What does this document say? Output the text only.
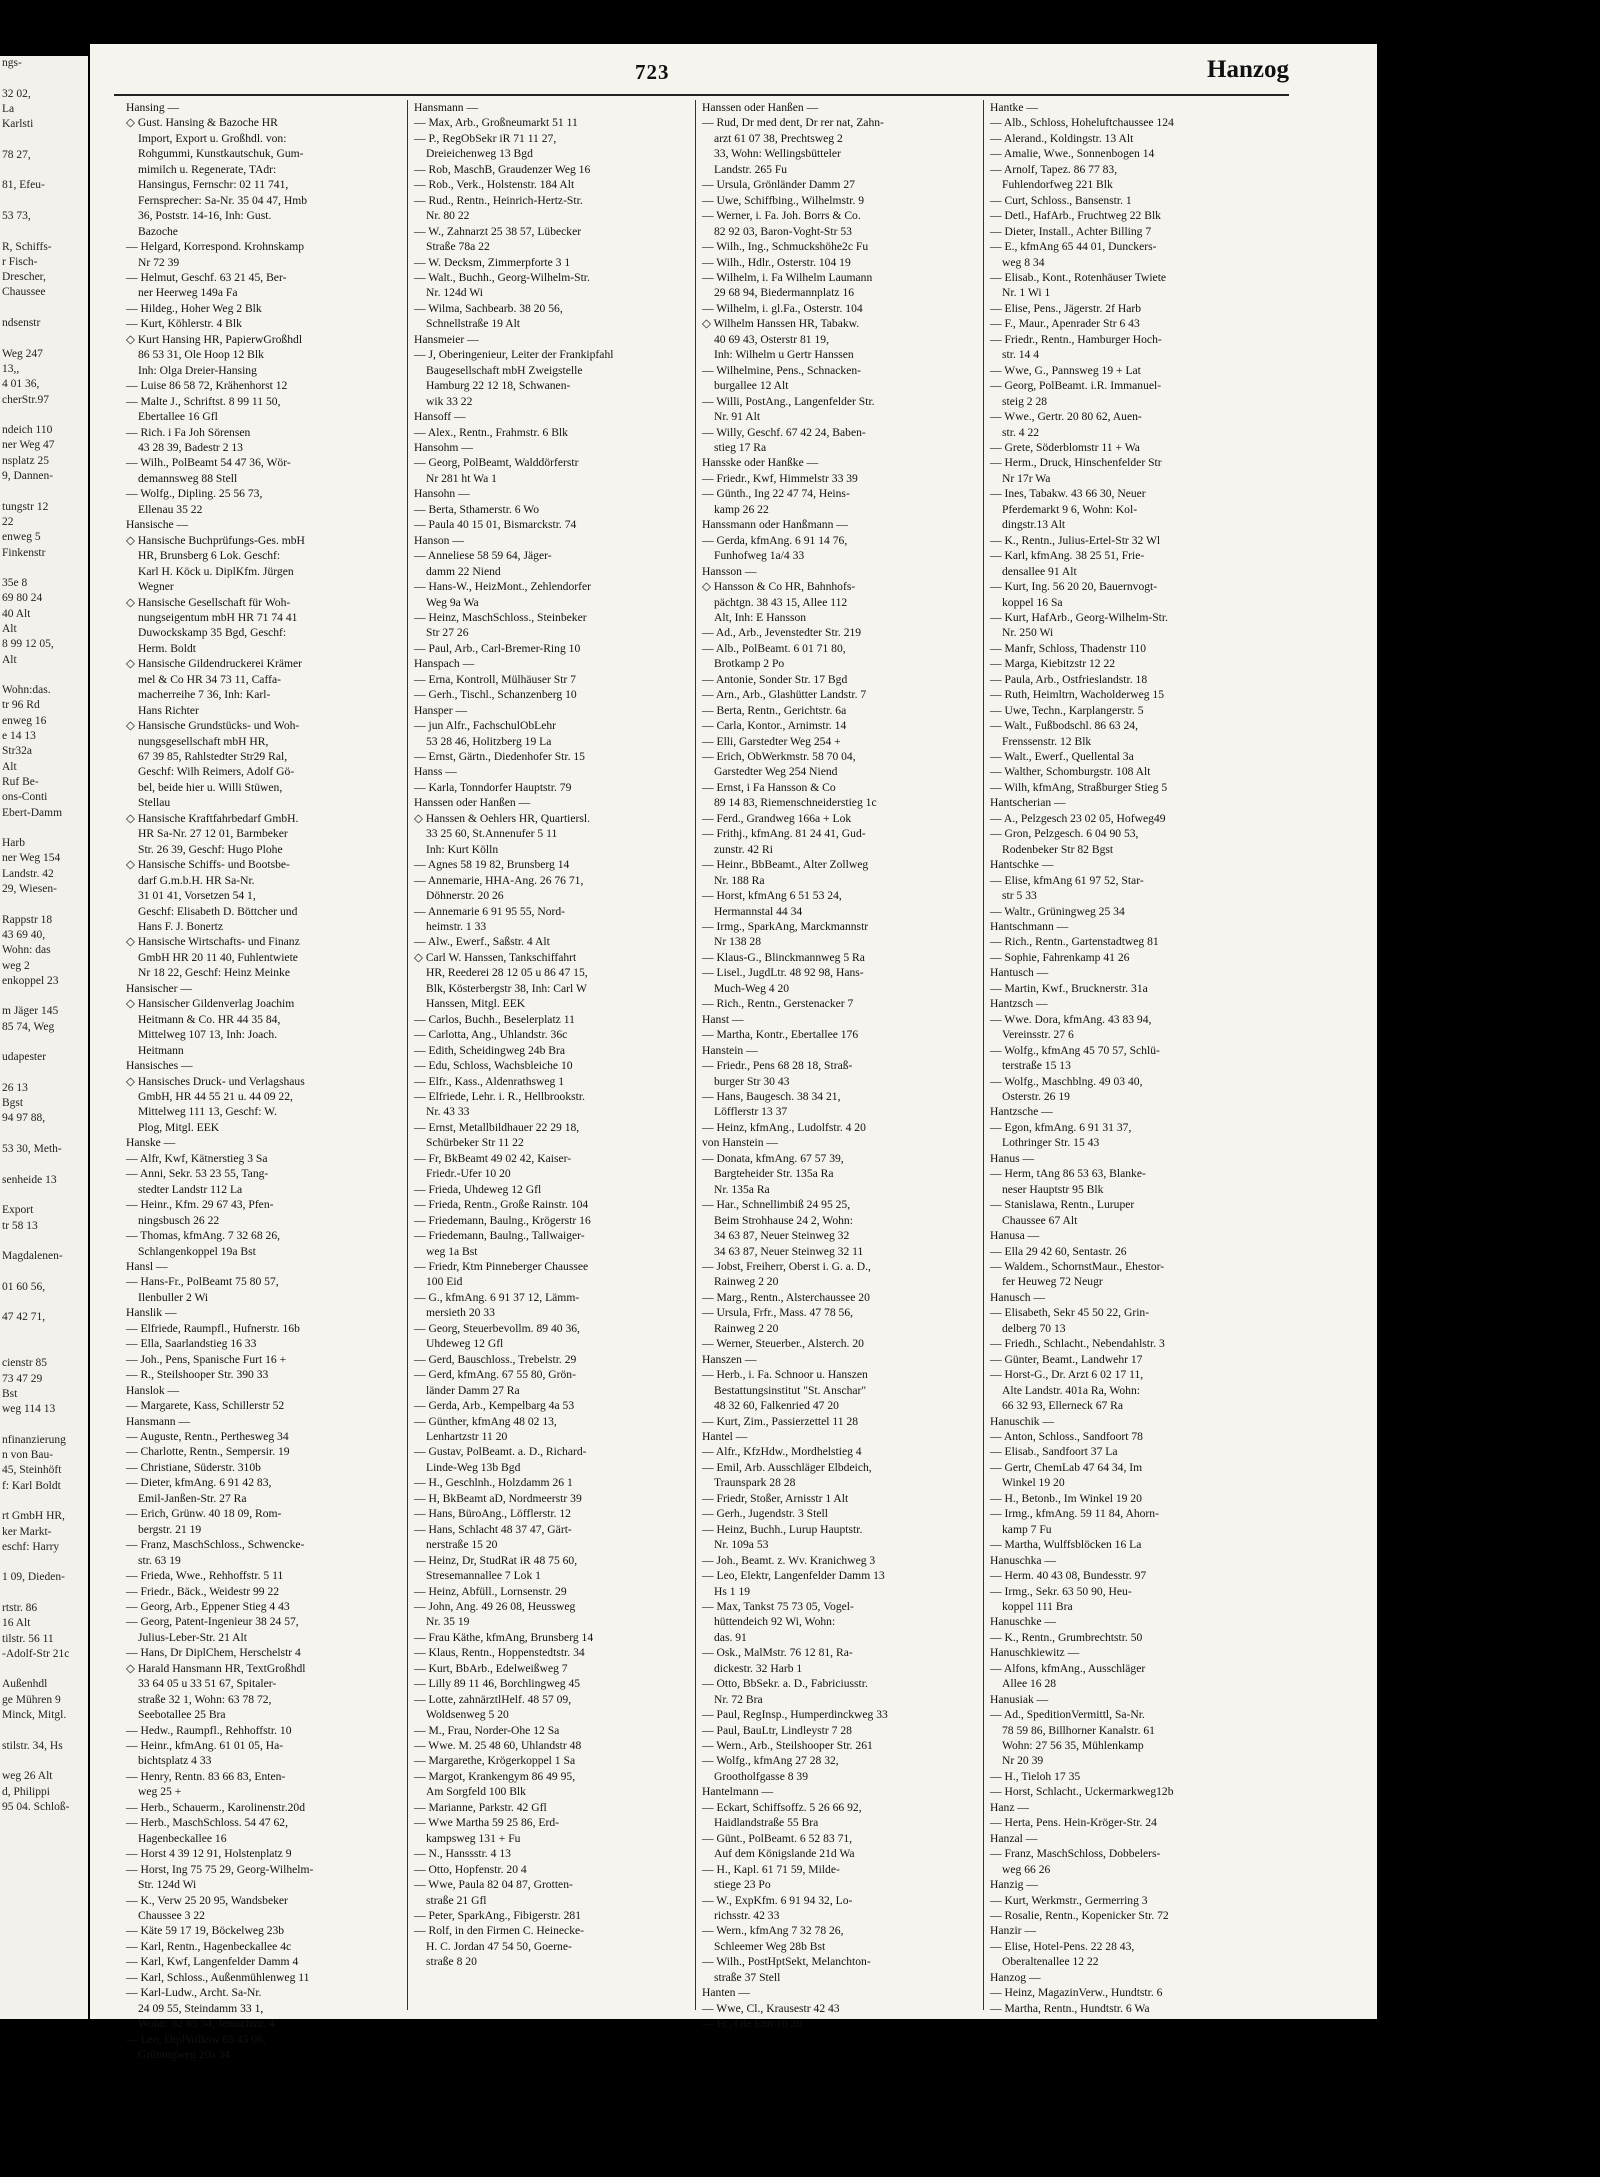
ngs-

32 02,
La
Karlsti

78 27,

81, Efeu-

53 73,

R, Schiffs-
r Fisch-
Drescher,
Chaussee

ndsenstr

Weg 247
13,,
4 01 36,
cherStr.97

ndeich 110
ner Weg 47
nsplatz 25
9, Dannen-

tungstr 12
22
enweg 5
Finkenstr

35e 8
69 80 24
40 Alt
Alt
8 99 12 05,
Alt

Wohn:das.
tr 96 Rd
enweg 16
e 14 13
Str32a
Alt
Ruf Be-
ons-Conti
Ebert-Damm

Harb
ner Weg 154
Landstr. 42
29, Wiesen-

Rappstr 18
43 69 40,
Wohn: das
weg 2
enkoppel 23

m Jäger 145
85 74, Weg

udapester

26 13
Bgst
94 97 88,

53 30, Meth-

senheide 13

Export
tr 58 13

Magdalenen-

01 60 56,

47 42 71,

cienstr 85
73 47 29
Bst
weg 114 13

nfinanzierung
n von Bau-
45, Steinhöft
f: Karl Boldt

rt GmbH HR,
ker Markt-
eschf: Harry

1 09, Dieden-

rtstr. 86
16 Alt
tilstr. 56 11
-Adolf-Str 21c

Außenhdl
ge Mühren 9
Minck, Mitgl.

stilstr. 34, Hs

weg 26 Alt
d, Philippi
95 04. Schloß-
723	Hanzog
Hansing —
◇ Gust. Hansing & Bazoche HR
Import, Export u. Großhdl. von:
Rohgummi, Kunstkautschuk, Gum-
mimilch u. Regenerate, TAdr:
Hansingus, Fernschr: 02 11 741,
Fernsprecher: Sa-Nr. 35 04 47, Hmb
36, Poststr. 14-16, Inh: Gust.
Bazoche
— Helgard, Korrespond. Krohnskamp
Nr 72 39
— Helmut, Geschf. 63 21 45, Ber-
ner Heerweg 149a Fa
— Hildeg., Hoher Weg 2 Blk
— Kurt, Köhlerstr. 4 Blk
◇ Kurt Hansing HR, PapierwGroßhdl
86 53 31, Ole Hoop 12 Blk
Inh: Olga Dreier-Hansing
— Luise 86 58 72, Krähenhorst 12
— Malte J., Schriftst. 8 99 11 50,
Ebertallee 16 Gfl
— Rich. i Fa Joh Sörensen
43 28 39, Badestr 2 13
— Wilh., PolBeamt 54 47 36, Wör-
demannsweg 88 Stell
— Wolfg., Dipling. 25 56 73,
Ellenau 35 22
Hansische —
◇ Hansische Buchprüfungs-Ges. mbH
HR, Brunsberg 6 Lok. Geschf:
Karl H. Köck u. DiplKfm. Jürgen
Wegner
◇ Hansische Gesellschaft für Woh-
nungseigentum mbH HR 71 74 41
Duwockskamp 35 Bgd, Geschf:
Herm. Boldt
◇ Hansische Gildendruckerei Krämer
mel & Co HR 34 73 11, Caffa-
macherreihe 7 36, Inh: Karl-
Hans Richter
◇ Hansische Grundstücks- und Woh-
nungsgesellschaft mbH HR,
67 39 85, Rahlstedter Str29 Ral,
Geschf: Wilh Reimers, Adolf Gö-
bel, beide hier u. Willi Stüwen,
Stellau
◇ Hansische Kraftfahrbedarf GmbH.
HR Sa-Nr. 27 12 01, Barmbeker
Str. 26 39, Geschf: Hugo Plohe
◇ Hansische Schiffs- und Bootsbe-
darf G.m.b.H. HR Sa-Nr.
31 01 41, Vorsetzen 54 1,
Geschf: Elisabeth D. Böttcher und
Hans F. J. Bonertz
◇ Hansische Wirtschafts- und Finanz
GmbH HR 20 11 40, Fuhlentwiete
Nr 18 22, Geschf: Heinz Meinke
Hansischer —
◇ Hansischer Gildenverlag Joachim
Heitmann & Co. HR 44 35 84,
Mittelweg 107 13, Inh: Joach.
Heitmann
Hansisches —
◇ Hansisches Druck- und Verlagshaus
GmbH, HR 44 55 21 u. 44 09 22,
Mittelweg 111 13, Geschf: W.
Plog, Mitgl. EEK
Hanske —
— Alfr, Kwf, Kätnerstieg 3 Sa
— Anni, Sekr. 53 23 55, Tang-
stedter Landstr 112 La
— Heinr., Kfm. 29 67 43, Pfen-
ningsbusch 26 22
— Thomas, kfmAng. 7 32 68 26,
Schlangenkoppel 19a Bst
Hansl —
— Hans-Fr., PolBeamt 75 80 57,
Ilenbuller 2 Wi
Hanslik —
— Elfriede, Raumpfl., Hufnerstr. 16b
— Ella, Saarlandstieg 16 33
— Joh., Pens, Spanische Furt 16 +
— R., Steilshooper Str. 390 33
Hanslok —
— Margarete, Kass, Schillerstr 52
Hansmann —
— Auguste, Rentn., Perthesweg 34
— Charlotte, Rentn., Sempersir. 19
— Christiane, Süderstr. 310b
— Dieter, kfmAng. 6 91 42 83,
Emil-Janßen-Str. 27 Ra
— Erich, Grünw. 40 18 09, Rom-
bergstr. 21 19
— Franz, MaschSchloss., Schwencke-
str. 63 19
— Frieda, Wwe., Rehhoffstr. 5 11
— Friedr., Bäck., Weidestr 99 22
— Georg, Arb., Eppener Stieg 4 43
— Georg, Patent-Ingenieur 38 24 57,
Julius-Leber-Str. 21 Alt
— Hans, Dr DiplChem, Herschelstr 4
◇ Harald Hansmann HR, TextGroßhdl
33 64 05 u 33 51 67, Spitaler-
straße 32 1, Wohn: 63 78 72,
Seebotallee 25 Bra
— Hedw., Raumpfl., Rehhoffstr. 10
— Heinr., kfmAng. 61 01 05, Ha-
bichtsplatz 4 33
— Henry, Rentn. 83 66 83, Enten-
weg 25 +
— Herb., Schauerm., Karolinenstr.20d
— Herb., MaschSchloss. 54 47 62,
Hagenbeckallee 16
— Horst 4 39 12 91, Holstenplatz 9
— Horst, Ing 75 75 29, Georg-Wilhelm-
Str. 124d Wi
— K., Verw 25 20 95, Wandsbeker
Chaussee 3 22
— Käte 59 17 19, Böckelweg 23b
— Karl, Rentn., Hagenbeckallee 4c
— Karl, Kwf, Langenfelder Damm 4
— Karl, Schloss., Außenmühlenweg 11
— Karl-Ludw., Archt. Sa-Nr.
24 09 55, Steindamm 33 1,
Wohn: 82 85 54, Jenischstr. 4
— Leo, DiplVolksw 65 45 08,
Grüningweg 20a 34
Hansmann —
— Max, Arb., Großneumarkt 51 11
— P., RegObSekr iR 71 11 27,
Dreieichenweg 13 Bgd
— Rob, MaschB, Graudenzer Weg 16
— Rob., Verk., Holstenstr. 184 Alt
— Rud., Rentn., Heinrich-Hertz-Str.
Nr. 80 22
— W., Zahnarzt 25 38 57, Lübecker
Straße 78a 22
— W. Decksm, Zimmerpforte 3 1
— Walt., Buchh., Georg-Wilhelm-Str.
Nr. 124d Wi
— Wilma, Sachbearb. 38 20 56,
Schnellstraße 19 Alt
Hansmeier —
— J, Oberingenieur, Leiter der Frankipfahl
Baugesellschaft mbH Zweigstelle
Hamburg 22 12 18, Schwanen-
wik 33 22
Hansoff —
— Alex., Rentn., Frahmstr. 6 Blk
Hansohm —
— Georg, PolBeamt, Walddörferstr
Nr 281 ht Wa 1
Hansohn —
— Berta, Sthamerstr. 6 Wo
— Paula 40 15 01, Bismarckstr. 74
Hanson —
— Anneliese 58 59 64, Jäger-
damm 22 Niend
— Hans-W., HeizMont., Zehlendorfer
Weg 9a Wa
— Heinz, MaschSchloss., Steinbeker
Str 27 26
— Paul, Arb., Carl-Bremer-Ring 10
Hanspach —
— Erna, Kontroll, Mülhäuser Str 7
— Gerh., Tischl., Schanzenberg 10
Hansper —
— jun Alfr., FachschulObLehr
53 28 46, Holitzberg 19 La
— Ernst, Gärtn., Diedenhofer Str. 15
Hanss —
— Karla, Tonndorfer Hauptstr. 79
Hanssen oder Hanßen —
◇ Hanssen & Oehlers HR, Quartiersl.
33 25 60, St.Annenufer 5 11
Inh: Kurt Kölln
— Agnes 58 19 82, Brunsberg 14
— Annemarie, HHA-Ang. 26 76 71,
Döhnerstr. 20 26
— Annemarie 6 91 95 55, Nord-
heimstr. 1 33
— Alw., Ewerf., Saßstr. 4 Alt
◇ Carl W. Hanssen, Tankschiffahrt
HR, Reederei 28 12 05 u 86 47 15,
Blk, Kösterbergstr 38, Inh: Carl W
Hanssen, Mitgl. EEK
— Carlos, Buchh., Beselerplatz 11
— Carlotta, Ang., Uhlandstr. 36c
— Edith, Scheidingweg 24b Bra
— Edu, Schloss, Wachsbleiche 10
— Elfr., Kass., Aldenrathsweg 1
— Elfriede, Lehr. i. R., Hellbrookstr.
Nr. 43 33
— Ernst, Metallbildhauer 22 29 18,
Schürbeker Str 11 22
— Fr, BkBeamt 49 02 42, Kaiser-
Friedr.-Ufer 10 20
— Frieda, Uhdeweg 12 Gfl
— Frieda, Rentn., Große Rainstr. 104
— Friedemann, Baulng., Krögerstr 16
— Friedemann, Baulng., Tallwaiger-
weg 1a Bst
— Friedr, Ktm Pinneberger Chaussee
100 Eid
— G., kfmAng. 6 91 37 12, Lämm-
mersieth 20 33
— Georg, Steuerbevollm. 89 40 36,
Uhdeweg 12 Gfl
— Gerd, Bauschloss., Trebelstr. 29
— Gerd, kfmAng. 67 55 80, Grön-
länder Damm 27 Ra
— Gerda, Arb., Kempelbarg 4a 53
— Günther, kfmAng 48 02 13,
Lenhartzstr 11 20
— Gustav, PolBeamt. a. D., Richard-
Linde-Weg 13b Bgd
— H., Geschlnh., Holzdamm 26 1
— H, BkBeamt aD, Nordmeerstr 39
— Hans, BüroAng., Löfflerstr. 12
— Hans, Schlacht 48 37 47, Gärt-
nerstraße 15 20
— Heinz, Dr, StudRat iR 48 75 60,
Stresemannallee 7 Lok 1
— Heinz, Abfüll., Lornsenstr. 29
— John, Ang. 49 26 08, Heussweg
Nr. 35 19
— Frau Käthe, kfmAng, Brunsberg 14
— Klaus, Rentn., Hoppenstedtstr. 34
— Kurt, BbArb., Edelweißweg 7
— Lilly 89 11 46, Borchlingweg 45
— Lotte, zahnärztlHelf. 48 57 09,
Woldsenweg 5 20
— M., Frau, Norder-Ohe 12 Sa
— Wwe. M. 25 48 60, Uhlandstr 48
— Margarethe, Krögerkoppel 1 Sa
— Margot, Krankengym 86 49 95,
Am Sorgfeld 100 Blk
— Marianne, Parkstr. 42 Gfl
— Wwe Martha 59 25 86, Erd-
kampsweg 131 + Fu
— N., Hanssstr. 4 13
— Otto, Hopfenstr. 20 4
— Wwe, Paula 82 04 87, Grotten-
straße 21 Gfl
— Peter, SparkAng., Fibigerstr. 281
— Rolf, in den Firmen C. Heinecke-
H. C. Jordan 47 54 50, Goerne-
straße 8 20
Hanssen oder Hanßen —
— Rud, Dr med dent, Dr rer nat, Zahn-
arzt 61 07 38, Prechtsweg 2
33, Wohn: Wellingsbütteler
Landstr. 265 Fu
— Ursula, Grönländer Damm 27
— Uwe, Schiffbing., Wilhelmstr. 9
— Werner, i. Fa. Joh. Borrs & Co.
82 92 03, Baron-Voght-Str 53
— Wilh., Ing., Schmuckshöhe2c Fu
— Wilh., Hdlr., Osterstr. 104 19
— Wilhelm, i. Fa Wilhelm Laumann
29 68 94, Biedermannplatz 16
— Wilhelm, i. gl.Fa., Osterstr. 104
◇ Wilhelm Hanssen HR, Tabakw.
40 69 43, Osterstr 81 19,
Inh: Wilhelm u Gertr Hanssen
— Wilhelmine, Pens., Schnacken-
burgallee 12 Alt
— Willi, PostAng., Langenfelder Str.
Nr. 91 Alt
— Willy, Geschf. 67 42 24, Baben-
stieg 17 Ra
Hansske oder Hanßke —
— Friedr., Kwf, Himmelstr 33 39
— Günth., Ing 22 47 74, Heins-
kamp 26 22
Hanssmann oder Hanßmann —
— Gerda, kfmAng. 6 91 14 76,
Funhofweg 1a/4 33
Hansson —
◇ Hansson & Co HR, Bahnhofs-
pächtgn. 38 43 15, Allee 112
Alt, Inh: E Hansson
— Ad., Arb., Jevenstedter Str. 219
— Alb., PolBeamt. 6 01 71 80,
Brotkamp 2 Po
— Antonie, Sonder Str. 17 Bgd
— Arn., Arb., Glashütter Landstr. 7
— Berta, Rentn., Gerichtstr. 6a
— Carla, Kontor., Arnimstr. 14
— Elli, Garstedter Weg 254 +
— Erich, ObWerkmstr. 58 70 04,
Garstedter Weg 254 Niend
— Ernst, i Fa Hansson & Co
89 14 83, Riemenschneiderstieg 1c
— Ferd., Grandweg 166a + Lok
— Frithj., kfmAng. 81 24 41, Gud-
zunstr. 42 Ri
— Heinr., BbBeamt., Alter Zollweg
Nr. 188 Ra
— Horst, kfmAng 6 51 53 24,
Hermannstal 44 34
— Irmg., SparkAng, Marckmannstr
Nr 138 28
— Klaus-G., Blinckmannweg 5 Ra
— Lisel., JugdLtr. 48 92 98, Hans-
Much-Weg 4 20
— Rich., Rentn., Gerstenacker 7
Hanst —
— Martha, Kontr., Ebertallee 176
Hanstein —
— Friedr., Pens 68 28 18, Straß-
burger Str 30 43
— Hans, Baugesch. 38 34 21,
Löfflerstr 13 37
— Heinz, kfmAng., Ludolfstr. 4 20
von Hanstein —
— Donata, kfmAng. 67 57 39,
Bargteheider Str. 135a Ra
Nr. 135a Ra
— Har., Schnellimbiß 24 95 25,
Beim Strohhause 24 2, Wohn:
34 63 87, Neuer Steinweg 32
34 63 87, Neuer Steinweg 32 11
— Jobst, Freiherr, Oberst i. G. a. D.,
Rainweg 2 20
— Marg., Rentn., Alsterchaussee 20
— Ursula, Frfr., Mass. 47 78 56,
Rainweg 2 20
— Werner, Steuerber., Alsterch. 20
Hanszen —
— Herb., i. Fa. Schnoor u. Hanszen
Bestattungsinstitut "St. Anschar"
48 32 60, Falkenried 47 20
— Kurt, Zim., Passierzettel 11 28
Hantel —
— Alfr., KfzHdw., Mordhelstieg 4
— Emil, Arb. Ausschläger Elbdeich,
Traunspark 28 28
— Friedr, Stoßer, Arnisstr 1 Alt
— Gerh., Jugendstr. 3 Stell
— Heinz, Buchh., Lurup Hauptstr.
Nr. 109a 53
— Joh., Beamt. z. Wv. Kranichweg 3
— Leo, Elektr, Langenfelder Damm 13
Hs 1 19
— Max, Tankst 75 73 05, Vogel-
hüttendeich 92 Wi, Wohn:
das. 91
— Osk., MalMstr. 76 12 81, Ra-
dickestr. 32 Harb 1
— Otto, BbSekr. a. D., Fabriciusstr.
Nr. 72 Bra
— Paul, RegInsp., Humperdinckweg 33
— Paul, BauLtr, Lindleystr 7 28
— Wern., Arb., Steilshooper Str. 261
— Wolfg., kfmAng 27 28 32,
Grootholfgasse 8 39
Hantelmann —
— Eckart, Schiffsoffz. 5 26 66 92,
Haidlandstraße 55 Bra
— Günt., PolBeamt. 6 52 83 71,
Auf dem Königslande 21d Wa
— H., Kapl. 61 71 59, Milde-
stiege 23 Po
— W., ExpKfm. 6 91 94 32, Lo-
richsstr. 42 33
— Wern., kfmAng 7 32 78 26,
Schleemer Weg 28b Bst
— Wilh., PostHptSekt, Melanchton-
straße 37 Stell
Hanten —
— Wwe, Cl., Krausestr 42 43
— Fr., Ole Enn 10 20
Hantke —
— Alb., Schloss, Hoheluftchaussee 124
— Alerand., Koldingstr. 13 Alt
— Amalie, Wwe., Sonnenbogen 14
— Arnolf, Tapez. 86 77 83,
Fuhlendorfweg 221 Blk
— Curt, Schloss., Bansenstr. 1
— Detl., HafArb., Fruchtweg 22 Blk
— Dieter, Install., Achter Billing 7
— E., kfmAng 65 44 01, Dunckers-
weg 8 34
— Elisab., Kont., Rotenhäuser Twiete
Nr. 1 Wi 1
— Elise, Pens., Jägerstr. 2f Harb
— F., Maur., Apenrader Str 6 43
— Friedr., Rentn., Hamburger Hoch-
str. 14 4
— Wwe, G., Pannsweg 19 + Lat
— Georg, PolBeamt. i.R. Immanuel-
steig 2 28
— Wwe., Gertr. 20 80 62, Auen-
str. 4 22
— Grete, Söderblomstr 11 + Wa
— Herm., Druck, Hinschenfelder Str
Nr 17r Wa
— Ines, Tabakw. 43 66 30, Neuer
Pferdemarkt 9 6, Wohn: Kol-
dingstr.13 Alt
— K., Rentn., Julius-Ertel-Str 32 Wl
— Karl, kfmAng. 38 25 51, Frie-
densallee 91 Alt
— Kurt, Ing. 56 20 20, Bauernvogt-
koppel 16 Sa
— Kurt, HafArb., Georg-Wilhelm-Str.
Nr. 250 Wi
— Manfr, Schloss, Thadenstr 110
— Marga, Kiebitzstr 12 22
— Paula, Arb., Ostfrieslandstr. 18
— Ruth, Heimltrn, Wacholderweg 15
— Uwe, Techn., Karplangerstr. 5
— Walt., Fußbodschl. 86 63 24,
Frenssenstr. 12 Blk
— Walt., Ewerf., Quellental 3a
— Walther, Schomburgstr. 108 Alt
— Wilh, kfmAng, Straßburger Stieg 5
Hantscherian —
— A., Pelzgesch 23 02 05, Hofweg49
— Gron, Pelzgesch. 6 04 90 53,
Rodenbeker Str 82 Bgst
Hantschke —
— Elise, kfmAng 61 97 52, Star-
str 5 33
— Waltr., Grüningweg 25 34
Hantschmann —
— Rich., Rentn., Gartenstadtweg 81
— Sophie, Fahrenkamp 41 26
Hantusch —
— Martin, Kwf., Brucknerstr. 31a
Hantzsch —
— Wwe. Dora, kfmAng. 43 83 94,
Vereinsstr. 27 6
— Wolfg., kfmAng 45 70 57, Schlü-
terstraße 15 13
— Wolfg., Maschblng. 49 03 40,
Osterstr. 26 19
Hantzsche —
— Egon, kfmAng. 6 91 31 37,
Lothringer Str. 15 43
Hanus —
— Herm, tAng 86 53 63, Blanke-
neser Hauptstr 95 Blk
— Stanislawa, Rentn., Luruper
Chaussee 67 Alt
Hanusa —
— Ella 29 42 60, Sentastr. 26
— Waldem., SchornstMaur., Ehestor-
fer Heuweg 72 Neugr
Hanusch —
— Elisabeth, Sekr 45 50 22, Grin-
delberg 70 13
— Friedh., Schlacht., Nebendahlstr. 3
— Günter, Beamt., Landwehr 17
— Horst-G., Dr. Arzt 6 02 17 11,
Alte Landstr. 401a Ra, Wohn:
66 32 93, Ellerneck 67 Ra
Hanuschik —
— Anton, Schloss., Sandfoort 78
— Elisab., Sandfoort 37 La
— Gertr, ChemLab 47 64 34, Im
Winkel 19 20
— H., Betonb., Im Winkel 19 20
— Irmg., kfmAng. 59 11 84, Ahorn-
kamp 7 Fu
— Martha, Wulffsblöcken 16 La
Hanuschka —
— Herm. 40 43 08, Bundesstr. 97
— Irmg., Sekr. 63 50 90, Heu-
koppel 111 Bra
Hanuschke —
— K., Rentn., Grumbrechtstr. 50
Hanuschkiewitz —
— Alfons, kfmAng., Ausschläger
Allee 16 28
Hanusiak —
— Ad., SpeditionVermittl, Sa-Nr.
78 59 86, Billhorner Kanalstr. 61
Wohn: 27 56 35, Mühlenkamp
Nr 20 39
— H., Tieloh 17 35
— Horst, Schlacht., Uckermarkweg12b
Hanz —
— Herta, Pens. Hein-Kröger-Str. 24
Hanzal —
— Franz, MaschSchloss, Dobbelers-
weg 66 26
Hanzig —
— Kurt, Werkmstr., Germerring 3
— Rosalie, Rentn., Kopenicker Str. 72
Hanzir —
— Elise, Hotel-Pens. 22 28 43,
Oberaltenallee 12 22
Hanzog —
— Heinz, MagazinVerw., Hundtstr. 6
— Martha, Rentn., Hundtstr. 6 Wa
